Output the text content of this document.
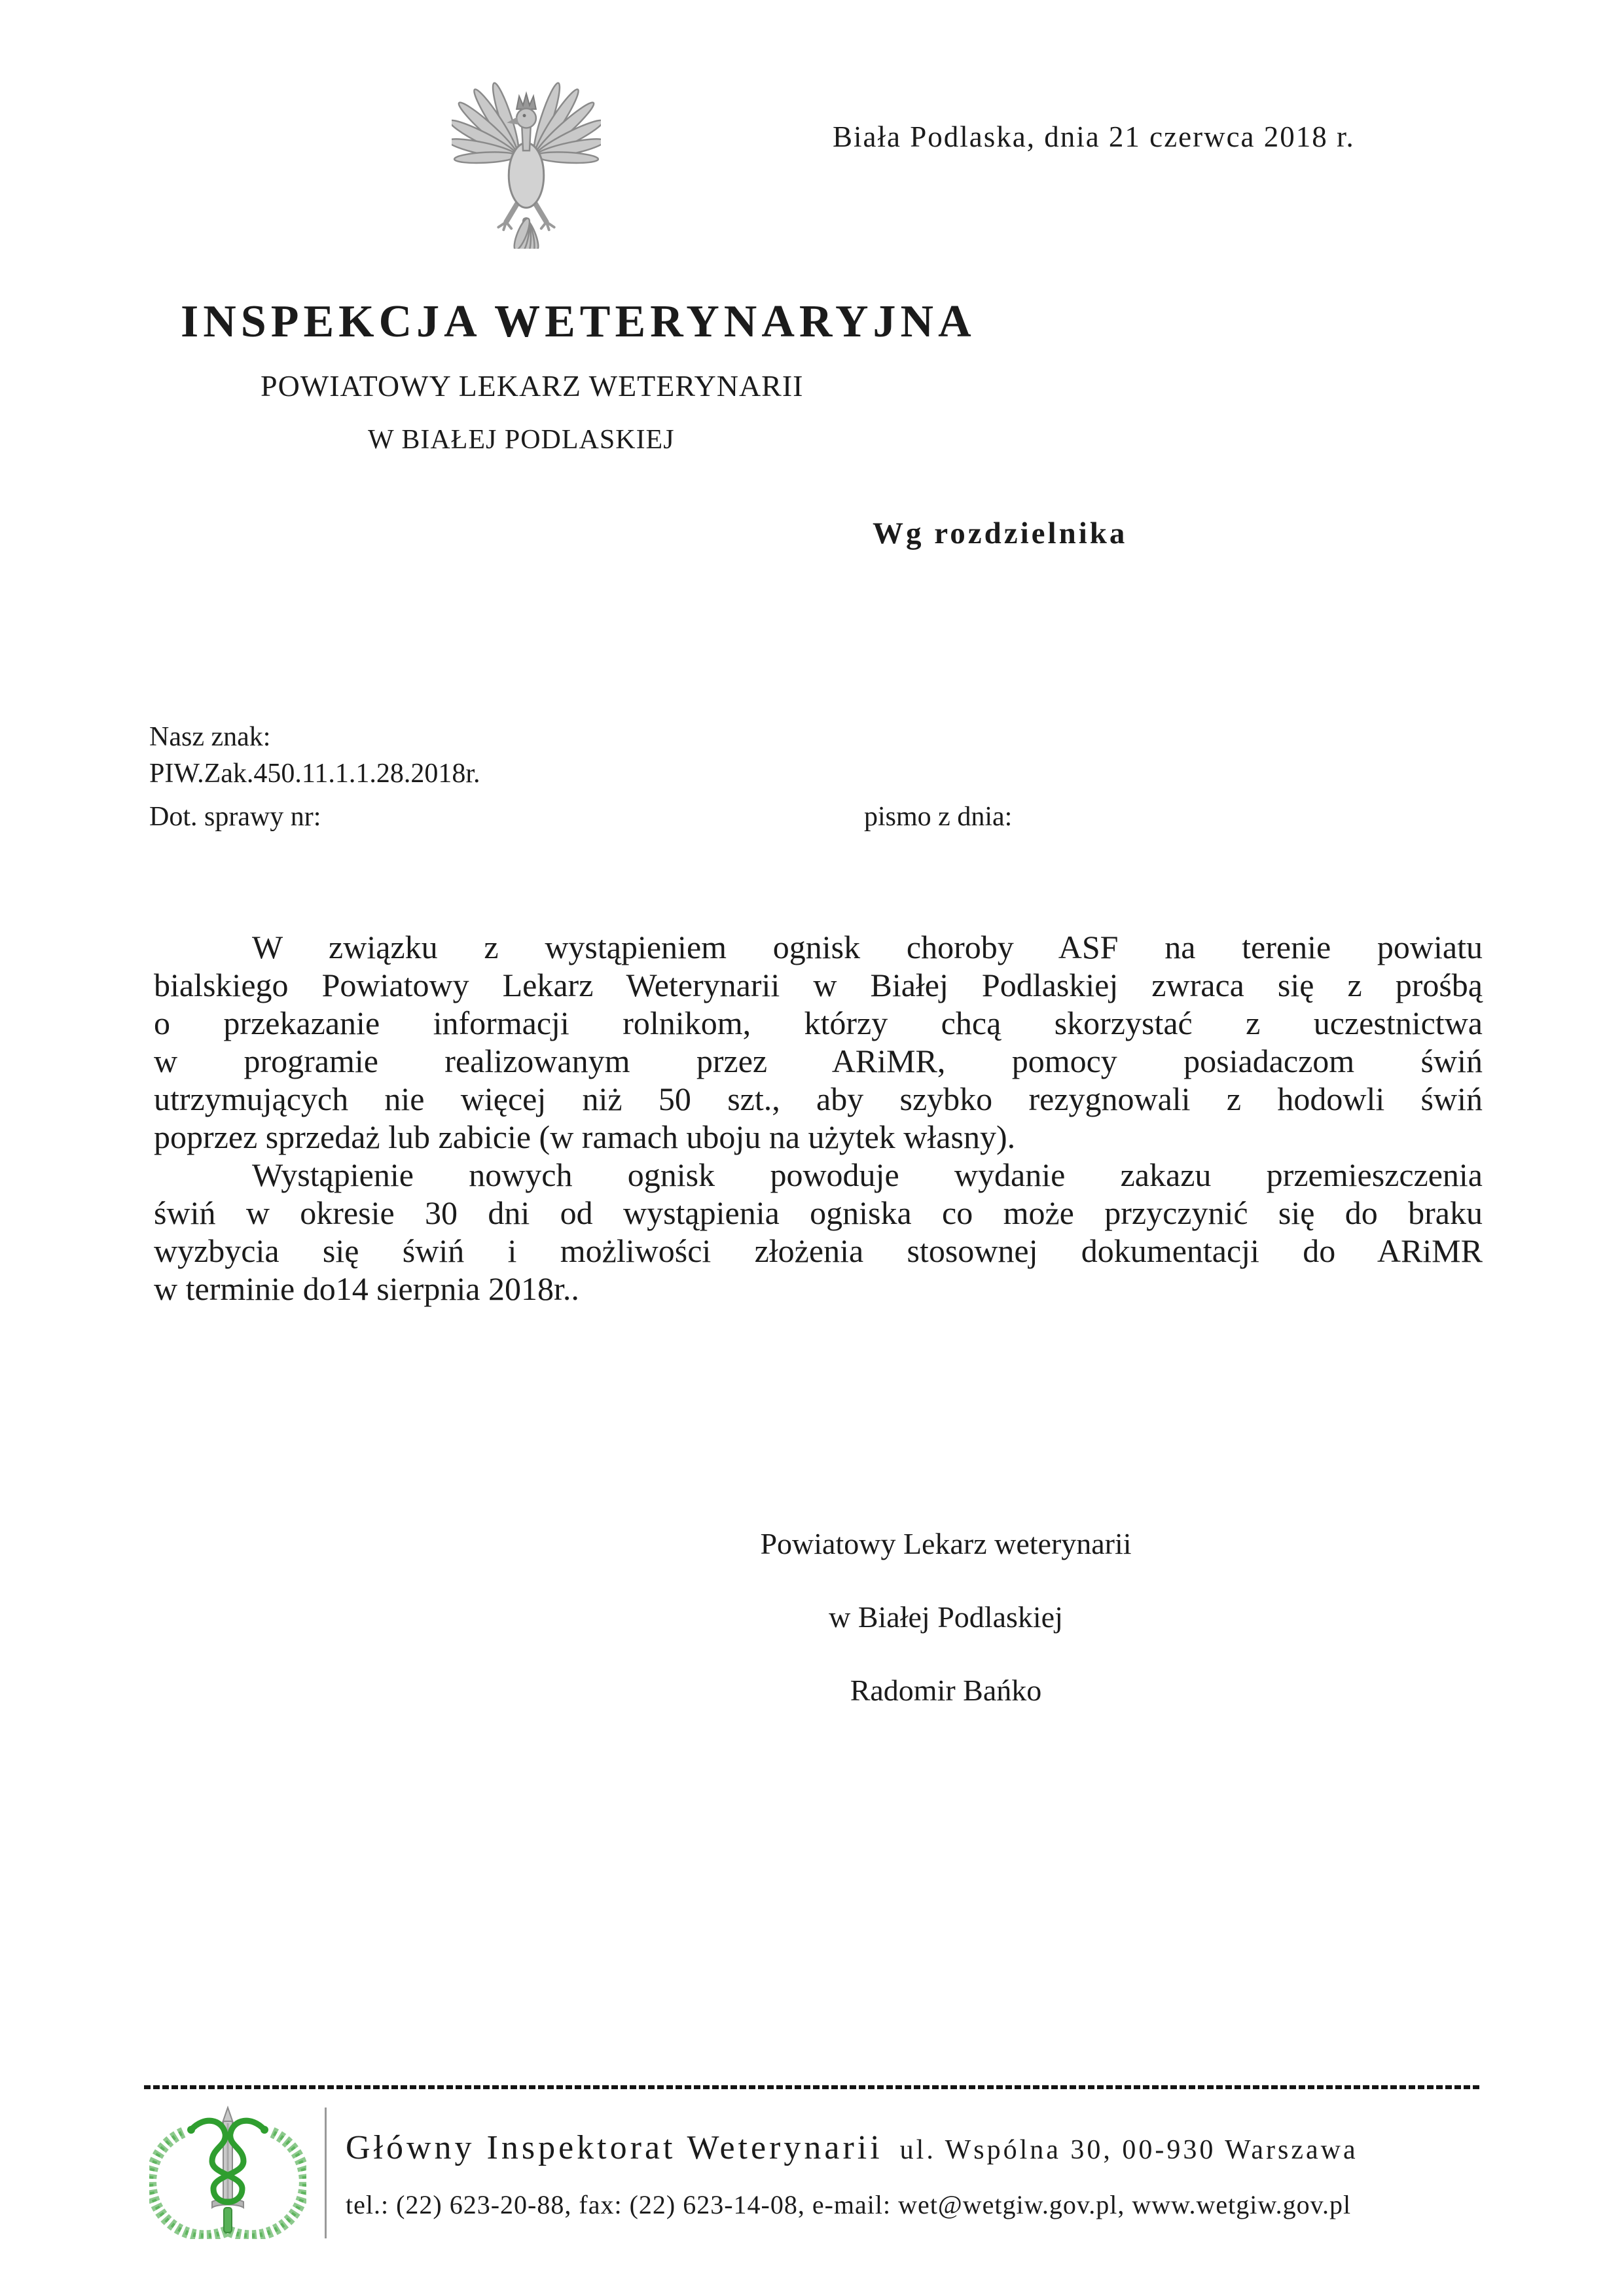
Biała Podlaska, dnia 21 czerwca 2018 r.
INSPEKCJA WETERYNARYJNA
POWIATOWY LEKARZ WETERYNARII
W BIAŁEJ PODLASKIEJ
Wg rozdzielnika
Nasz znak:
PIW.Zak.450.11.1.1.28.2018r.
Dot. sprawy nr:	pismo z dnia:
W związku z wystąpieniem ognisk choroby ASF na terenie powiatu
bialskiego Powiatowy Lekarz Weterynarii w Białej Podlaskiej zwraca się z prośbą
o przekazanie informacji rolnikom, którzy chcą skorzystać z uczestnictwa
w programie realizowanym przez ARiMR, pomocy posiadaczom świń
utrzymujących nie więcej niż 50 szt., aby szybko rezygnowali z hodowli świń
poprzez sprzedaż lub zabicie (w ramach uboju na użytek własny).
Wystąpienie nowych ognisk powoduje wydanie zakazu przemieszczenia
świń w okresie 30 dni od wystąpienia ogniska co może przyczynić się do braku
wyzbycia się świń i możliwości złożenia stosownej dokumentacji do ARiMR
w terminie do14 sierpnia 2018r..
Powiatowy Lekarz weterynarii
w Białej Podlaskiej
Radomir Bańko
Główny Inspektorat Weterynarii ul. Wspólna 30, 00-930 Warszawa
tel.: (22) 623-20-88, fax: (22) 623-14-08, e-mail: wet@wetgiw.gov.pl, www.wetgiw.gov.pl
